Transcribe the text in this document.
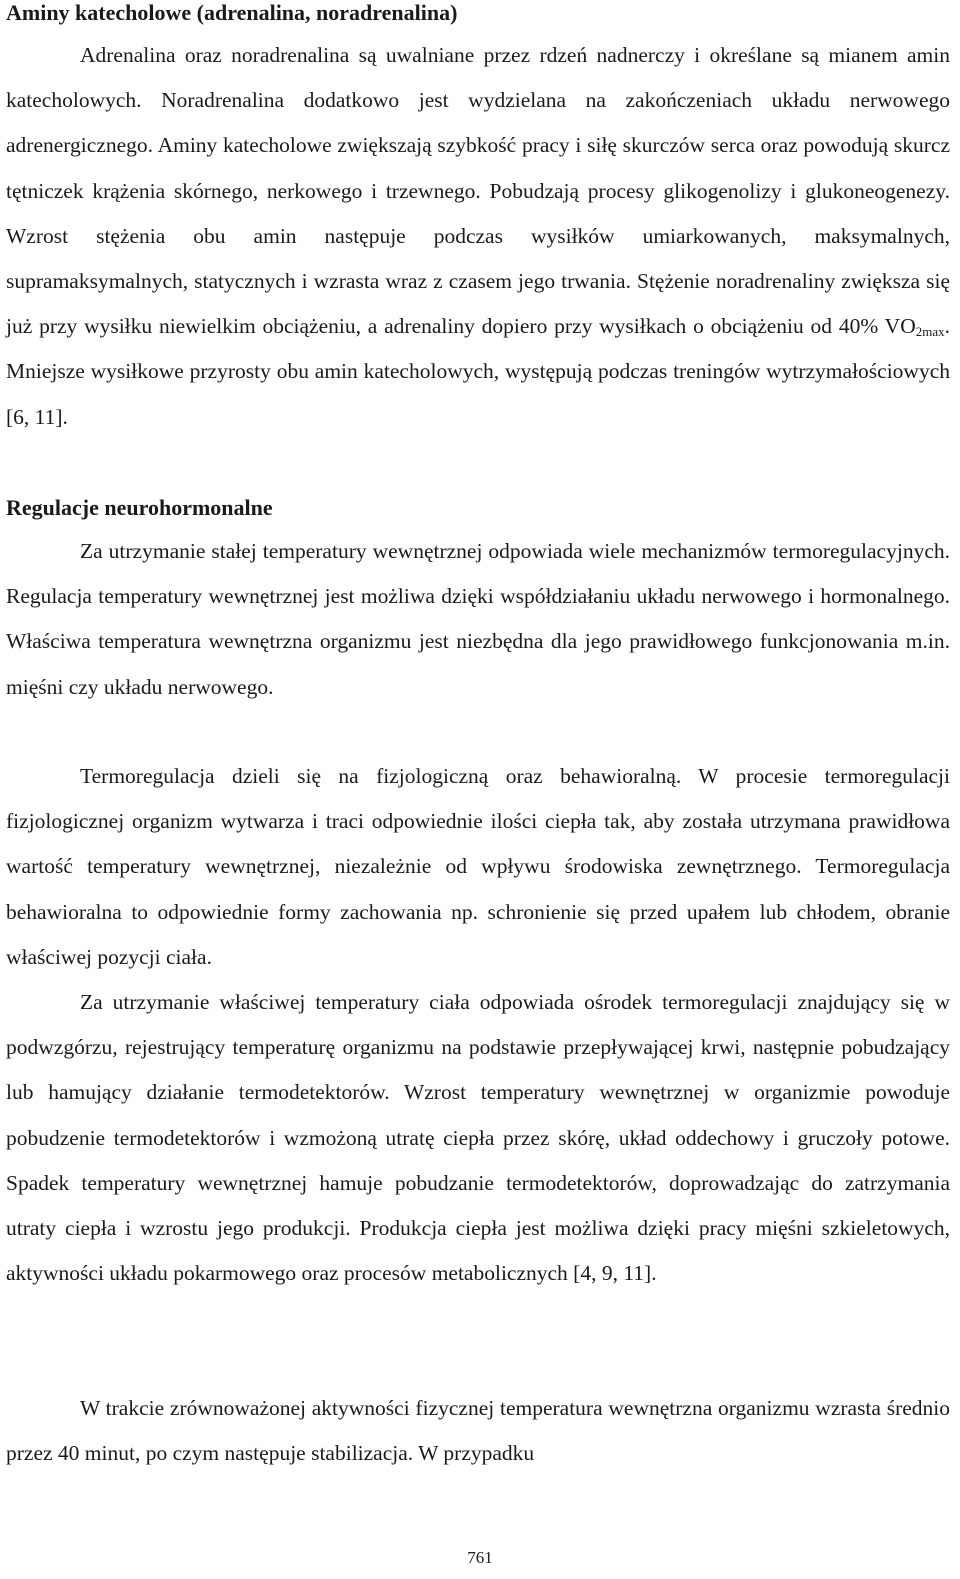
Aminy katecholowe (adrenalina, noradrenalina)

Adrenalina oraz noradrenalina są uwalniane przez rdzeń nadnerczy i określane są mianem amin katecholowych. Noradrenalina dodatkowo jest wydzielana na zakończeniach układu nerwowego adrenergicznego. Aminy katecholowe zwiększają szybkość pracy i siłę skurczów serca oraz powodują skurcz tętniczek krążenia skórnego, nerkowego i trzewnego. Pobudzają procesy glikogenolizy i glukoneogenezy. Wzrost stężenia obu amin następuje podczas wysiłków umiarkowanych, maksymalnych, supramaksymalnych, statycznych i wzrasta wraz z czasem jego trwania. Stężenie noradrenaliny zwiększa się już przy wysiłku niewielkim obciążeniu, a adrenaliny dopiero przy wysiłkach o obciążeniu od 40% $VO_{2max}$. Mniejsze wysiłkowe przyrosty obu amin katecholowych, występują podczas treningów wytrzymałościowych [6, 11].

Regulacje neurohormonalne

Za utrzymanie stałej temperatury wewnętrznej odpowiada wiele mechanizmów termoregulacyjnych. Regulacja temperatury wewnętrznej jest możliwa dzięki współdziałaniu układu nerwowego i hormonalnego. Właściwa temperatura wewnętrzna organizmu jest niezbędna dla jego prawidłowego funkcjonowania m.in. mięśni czy układu nerwowego.

Termoregulacja dzieli się na fizjologiczną oraz behawioralną. W procesie termoregulacji fizjologicznej organizm wytwarza i traci odpowiednie ilości ciepła tak, aby została utrzymana prawidłowa wartość temperatury wewnętrznej, niezależnie od wpływu środowiska zewnętrznego. Termoregulacja behawioralna to odpowiednie formy zachowania np. schronienie się przed upałem lub chłodem, obranie właściwej pozycji ciała.

Za utrzymanie właściwej temperatury ciała odpowiada ośrodek termoregulacji znajdujący się w podwzgórzu, rejestrujący temperaturę organizmu na podstawie przepływającej krwi, następnie pobudzający lub hamujący działanie termodetektorów. Wzrost temperatury wewnętrznej w organizmie powoduje pobudzenie termodetektorów i wzmożoną utratę ciepła przez skórę, układ oddechowy i gruczoły potowe. Spadek temperatury wewnętrznej hamuje pobudzanie termodetektorów, doprowadzając do zatrzymania utraty ciepła i wzrostu jego produkcji. Produkcja ciepła jest możliwa dzięki pracy mięśni szkieletowych, aktywności układu pokarmowego oraz procesów metabolicznych [4, 9, 11].

W trakcie zrównoważonej aktywności fizycznej temperatura wewnętrzna organizmu wzrasta średnio przez 40 minut, po czym następuje stabilizacja. W przypadku

761
